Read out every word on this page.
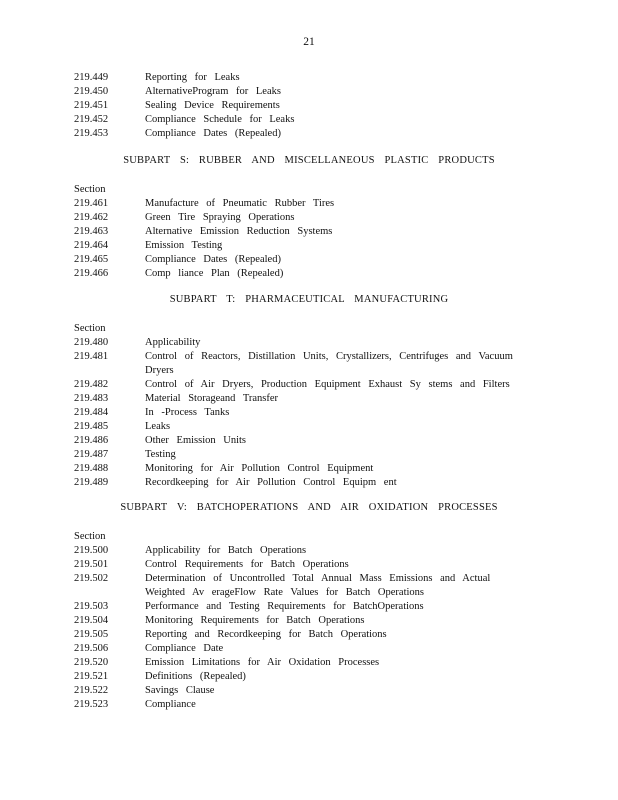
21
219.449	Reporting for Leaks
219.450	AlternativeProgram for Leaks
219.451	Sealing Device Requirements
219.452	Compliance Schedule for Leaks
219.453	Compliance Dates (Repealed)
SUBPART S: RUBBER AND MISCELLANEOUS PLASTIC PRODUCTS
Section
219.461	Manufacture of Pneumatic Rubber Tires
219.462	Green Tire Spraying Operations
219.463	Alternative Emission Reduction Systems
219.464	Emission Testing
219.465	Compliance Dates (Repealed)
219.466	Comp liance Plan (Repealed)
SUBPART T: PHARMACEUTICAL MANUFACTURING
Section
219.480	Applicability
219.481	Control of Reactors, Distillation Units, Crystallizers, Centrifuges and Vacuum Dryers
219.482	Control of Air Dryers, Production Equipment Exhaust Sy stems and Filters
219.483	Material Storageand Transfer
219.484	In -Process Tanks
219.485	Leaks
219.486	Other Emission Units
219.487	Testing
219.488	Monitoring for Air Pollution Control Equipment
219.489	Recordkeeping for Air Pollution Control Equipm ent
SUBPART V: BATCHOPERATIONS AND AIR OXIDATION PROCESSES
Section
219.500	Applicability for Batch Operations
219.501	Control Requirements for Batch Operations
219.502	Determination of Uncontrolled Total Annual Mass Emissions and Actual Weighted Av erageFlow Rate Values for Batch Operations
219.503	Performance and Testing Requirements for BatchOperations
219.504	Monitoring Requirements for Batch Operations
219.505	Reporting and Recordkeeping for Batch Operations
219.506	Compliance Date
219.520	Emission Limitations for Air Oxidation Processes
219.521	Definitions (Repealed)
219.522	Savings Clause
219.523	Compliance
